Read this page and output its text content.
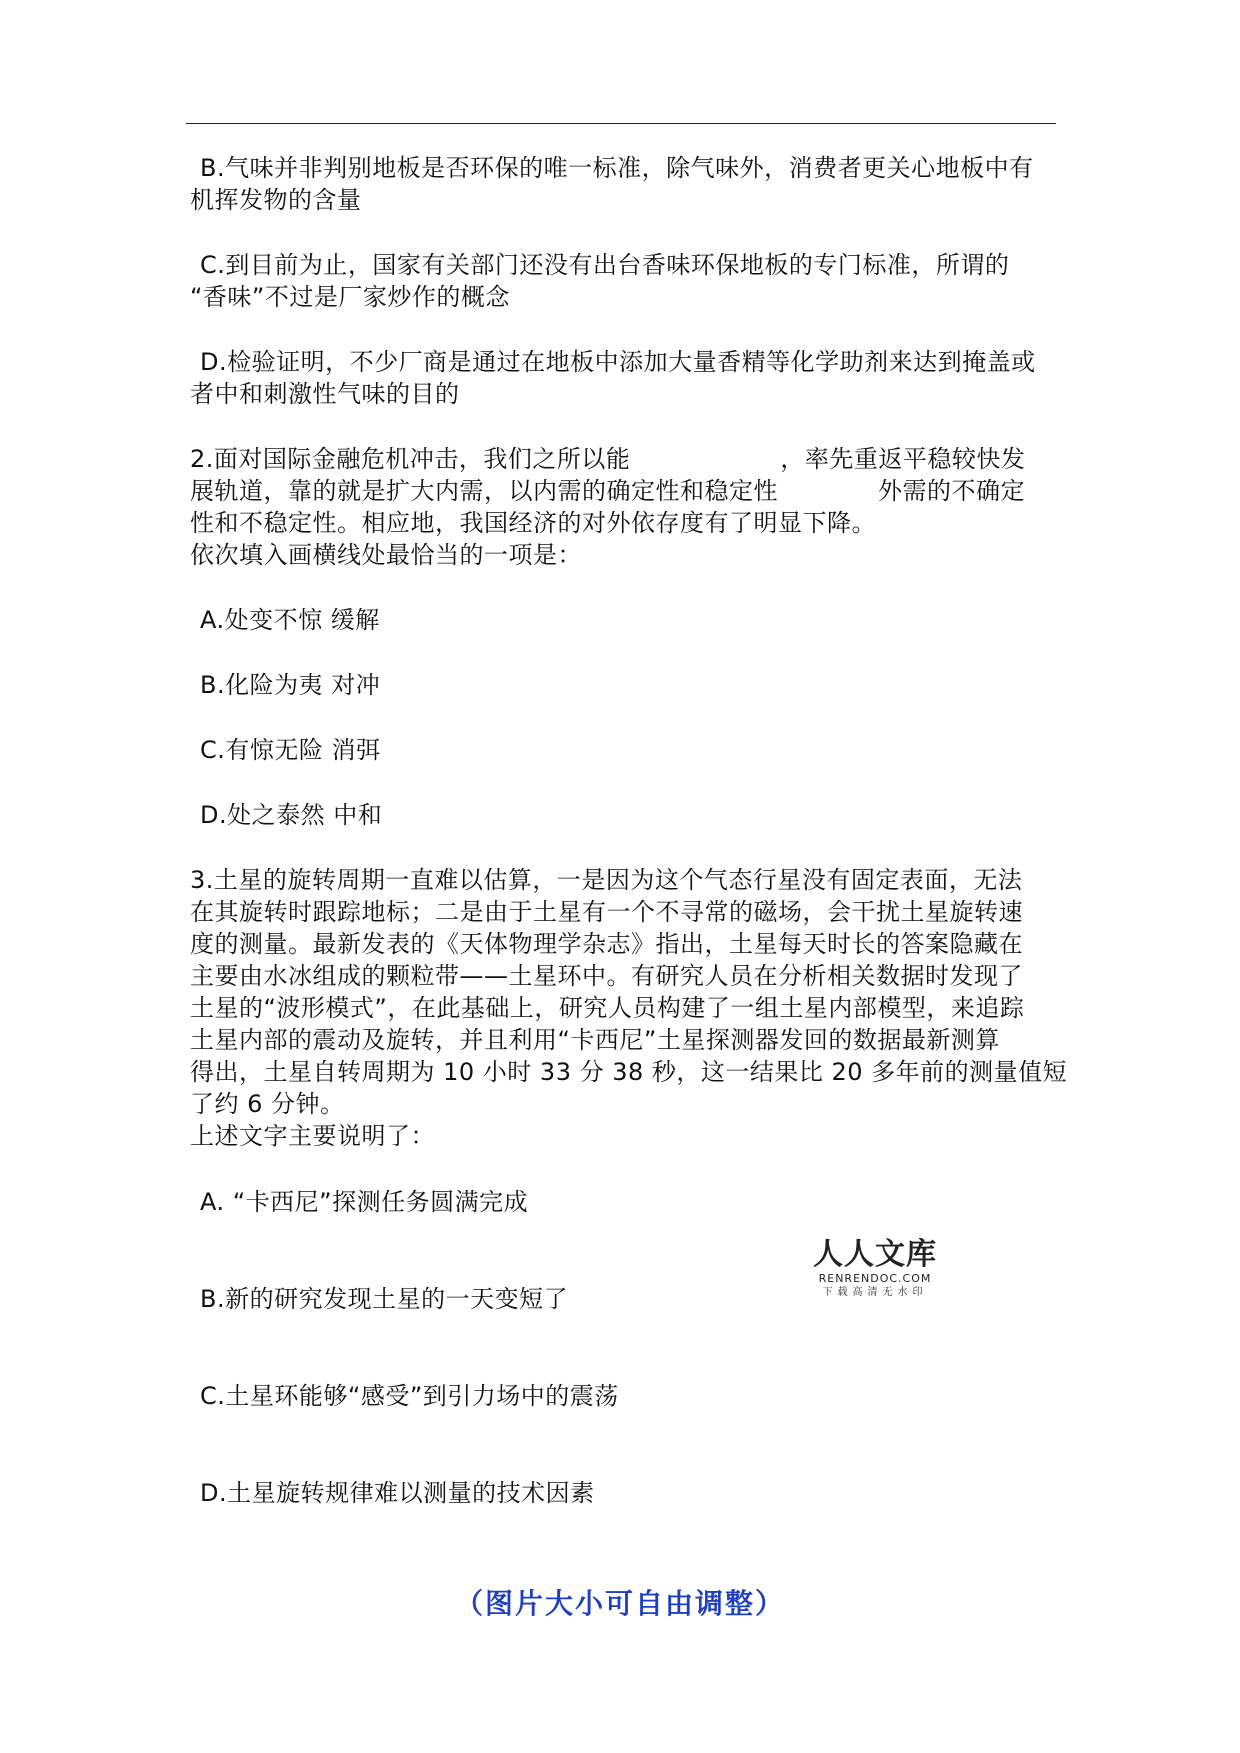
B.气味并非判别地板是否环保的唯一标准，除气味外，消费者更关心地板中有
机挥发物的含量
C.到目前为止，国家有关部门还没有出台香味环保地板的专门标准，所谓的
“香味”不过是厂家炒作的概念
D.检验证明，不少厂商是通过在地板中添加大量香精等化学助剂来达到掩盖或
者中和刺激性气味的目的
2.面对国际金融危机冲击，我们之所以能	，率先重返平稳较快发
展轨道，靠的就是扩大内需，以内需的确定性和稳定性	外需的不确定
性和不稳定性。相应地，我国经济的对外依存度有了明显下降。
依次填入画横线处最恰当的一项是：
A.处变不惊 缓解
B.化险为夷 对冲
C.有惊无险 消弭
D.处之泰然 中和
3.土星的旋转周期一直难以估算，一是因为这个气态行星没有固定表面，无法
在其旋转时跟踪地标；二是由于土星有一个不寻常的磁场，会干扰土星旋转速
度的测量。最新发表的《天体物理学杂志》指出，土星每天时长的答案隐藏在
主要由水冰组成的颗粒带——土星环中。有研究人员在分析相关数据时发现了
土星的“波形模式”，在此基础上，研究人员构建了一组土星内部模型，来追踪
土星内部的震动及旋转，并且利用“卡西尼”土星探测器发回的数据最新测算
得出，土星自转周期为 10 小时 33 分 38 秒，这一结果比 20 多年前的测量值短
了约 6 分钟。
上述文字主要说明了：
A. “卡西尼”探测任务圆满完成
B.新的研究发现土星的一天变短了
C.土星环能够“感受”到引力场中的震荡
D.土星旋转规律难以测量的技术因素
人人文库
RENRENDOC.COM
下载高清无水印
（图片大小可自由调整）
